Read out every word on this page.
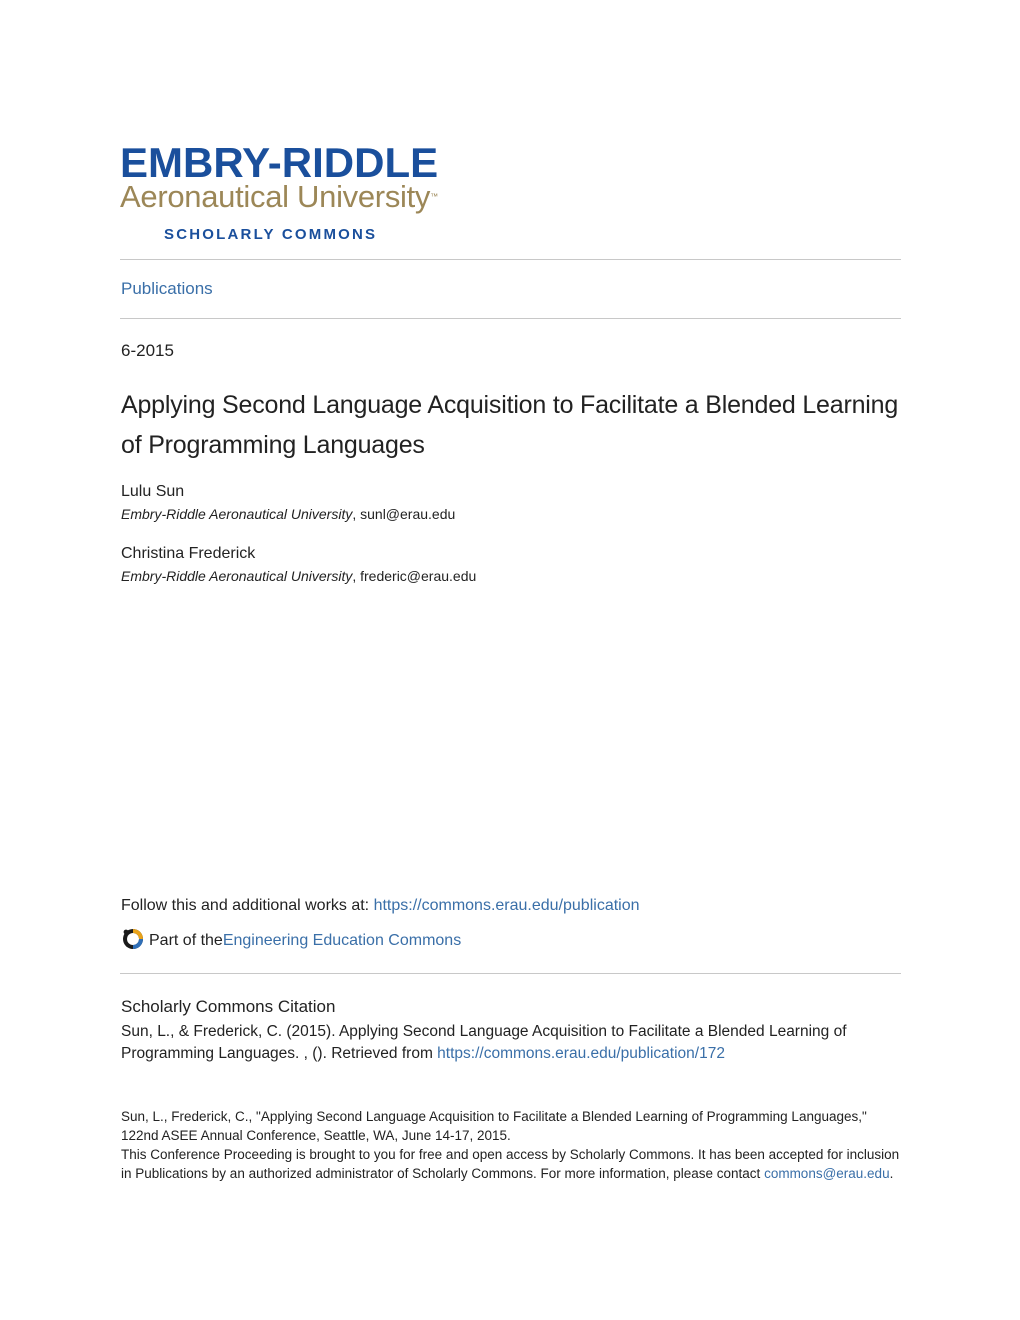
EMBRY-RIDDLE
Aeronautical University™
SCHOLARLY COMMONS
Publications
6-2015
Applying Second Language Acquisition to Facilitate a Blended Learning of Programming Languages
Lulu Sun
Embry-Riddle Aeronautical University, sunl@erau.edu
Christina Frederick
Embry-Riddle Aeronautical University, frederic@erau.edu
Follow this and additional works at: https://commons.erau.edu/publication
Part of the Engineering Education Commons
Scholarly Commons Citation
Sun, L., & Frederick, C. (2015). Applying Second Language Acquisition to Facilitate a Blended Learning of Programming Languages. , (). Retrieved from https://commons.erau.edu/publication/172
Sun, L., Frederick, C., "Applying Second Language Acquisition to Facilitate a Blended Learning of Programming Languages," 122nd ASEE Annual Conference, Seattle, WA, June 14-17, 2015.
This Conference Proceeding is brought to you for free and open access by Scholarly Commons. It has been accepted for inclusion in Publications by an authorized administrator of Scholarly Commons. For more information, please contact commons@erau.edu.
